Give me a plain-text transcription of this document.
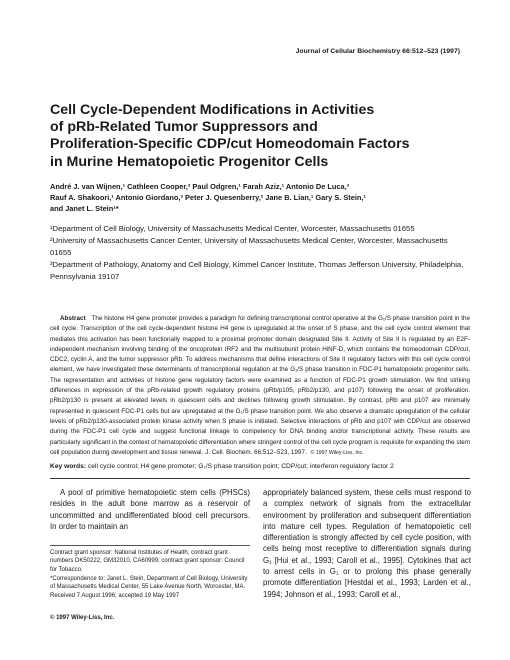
Journal of Cellular Biochemistry 66:512–523 (1997)
Cell Cycle-Dependent Modifications in Activities
of pRb-Related Tumor Suppressors and
Proliferation-Specific CDP/cut Homeodomain Factors
in Murine Hematopoietic Progenitor Cells
André J. van Wijnen,¹ Cathleen Cooper,² Paul Odgren,¹ Farah Aziz,¹ Antonio De Luca,³
Rauf A. Shakoori,¹ Antonio Giordano,³ Peter J. Quesenberry,² Jane B. Lian,¹ Gary S. Stein,¹
and Janet L. Stein¹*

¹Department of Cell Biology, University of Massachusetts Medical Center, Worcester, Massachusetts 01655

²University of Massachusetts Cancer Center, University of Massachusetts Medical Center, Worcester, Massachusetts 01655

³Department of Pathology, Anatomy and Cell Biology, Kimmel Cancer Institute, Thomas Jefferson University, Philadelphia, Pennsylvania 19107

Abstract The histone H4 gene promoter provides a paradigm for defining transcriptional control operative at the G₁/S phase transition point in the cell cycle. Transcription of the cell cycle-dependent histone H4 gene is upregulated at the onset of S phase, and the cell cycle control element that mediates this activation has been functionally mapped to a proximal promoter domain designated Site II. Activity of Site II is regulated by an E2F-independent mechanism involving binding of the oncoprotein IRF2 and the multisubunit protein HiNF-D, which contains the homeodomain CDP/cut, CDC2, cyclin A, and the tumor suppressor pRb. To address mechanisms that define interactions of Site II regulatory factors with this cell cycle control element, we have investigated these determinants of transcriptional regulation at the G₁/S phase transition in FDC-P1 hematopoietic progenitor cells. The representation and activities of histone gene regulatory factors were examined as a function of FDC-P1 growth stimulation. We find striking differences in expression of the pRb-related growth regulatory proteins (pRb/p105, pRb2/p130, and p107) following the onset of proliferation. pRb2/p130 is present at elevated levels in quiescent cells and declines following growth stimulation. By contrast, pRb and p107 are minimally represented in quiescent FDC-P1 cells but are upregulated at the G₁/S phase transition point. We also observe a dramatic upregulation of the cellular levels of pRb2/p130-associated protein kinase activity when S phase is initiated. Selective interactions of pRb and p107 with CDP/cut are observed during the FDC-P1 cell cycle and suggest functional linkage to competency for DNA binding and/or transcriptional activity. These results are particularly significant in the context of hematopoietic differentiation where stringent control of the cell cycle program is requisite for expanding the stem cell population during development and tissue renewal. J. Cell. Biochem. 66:512–523, 1997. © 1997 Wiley-Liss, Inc.
Key words: cell cycle control; H4 gene promoter; G₁/S phase transition point; CDP/cut; interferon regulatory factor 2

A pool of primitive hematopoietic stem cells (PHSCs) resides in the adult bone marrow as a reservoir of uncommitted and undifferentiated blood cell precursors. In order to maintain an

appropriately balanced system, these cells must respond to a complex network of signals from the extracellular environment by proliferation and subsequent differentiation into mature cell types. Regulation of hematopoietic cell differentiation is strongly affected by cell cycle position, with cells being most receptive to differentiation signals during G₁ [Hui et al., 1993; Caroll et al., 1995]. Cytokines that act to arrest cells in G₁ or to prolong this phase generally promote differentiation [Hestdal et al., 1993; Larden et al., 1994; Johnson et al., 1993; Caroll et al.,

Contract grant sponsor: National Institutes of Health, contract grant numbers DK50222, GM32010, CA60999; contract grant sponsor: Council for Tobacco.

*Correspondence to: Janet L. Stein, Department of Cell Biology, University of Massachusetts Medical Center, 55 Lake Avenue North, Worcester, MA.

Received 7 August 1996; accepted 19 May 1997

© 1997 Wiley-Liss, Inc.
